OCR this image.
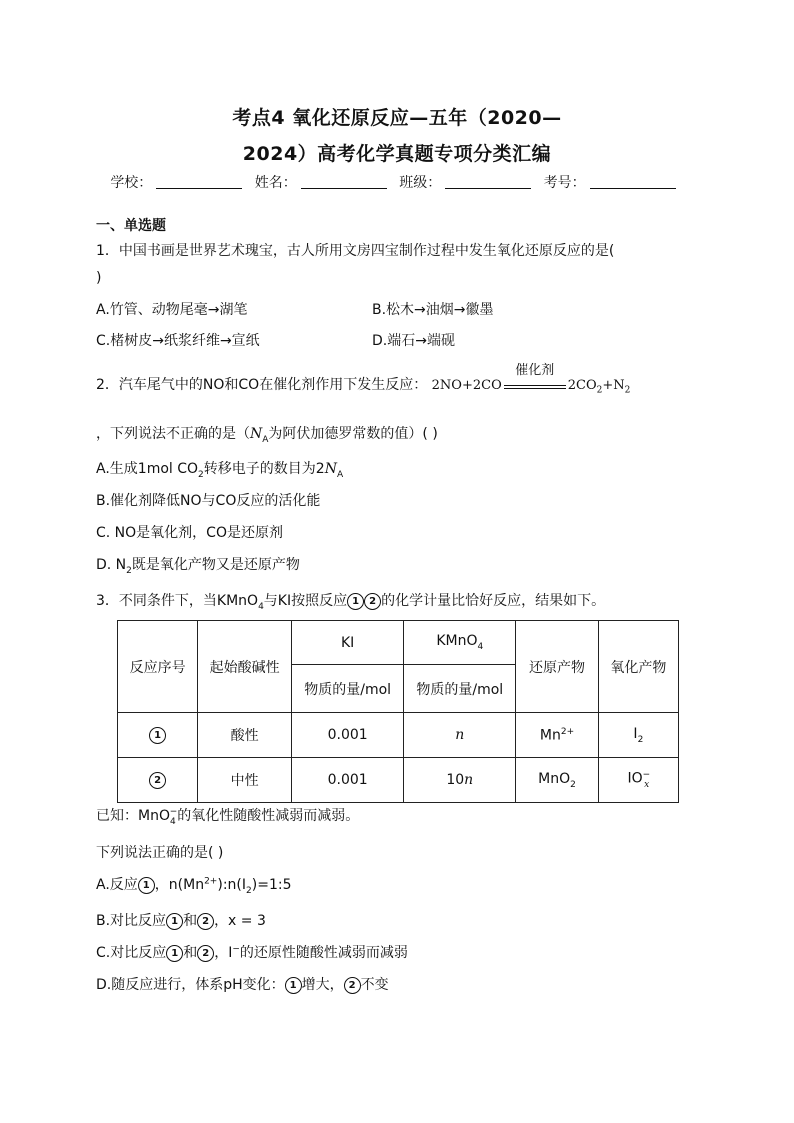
考点4 氧化还原反应—五年（2020—
2024）高考化学真题专项分类汇编
学校：	姓名：	班级：	考号：
一、单选题
1．中国书画是世界艺术瑰宝，古人所用文房四宝制作过程中发生氧化还原反应的是(
)
A.竹管、动物尾毫→湖笔	B.松木→油烟→徽墨
C.楮树皮→纸浆纤维→宣纸	D.端石→端砚
2．汽车尾气中的NO和CO在催化剂作用下发生反应： 2NO+2CO
催化剂
$2CO_2+N_2$
，下列说法不正确的是（$N_A$为阿伏加德罗常数的值）( )
A.生成1mol $CO_2$转移电子的数目为$2N_A$
B.催化剂降低NO与CO反应的活化能
C. NO是氧化剂，CO是还原剂
D. $N_2$既是氧化产物又是还原产物
3．不同条件下，当KMnO$_4$与KI按照反应 1 2 的化学计量比恰好反应，结果如下。
反应序号	起始酸碱性	KI	KMnO$_4$	还原产物	氧化产物
		物质的量/mol	物质的量/mol		
1	酸性	0.001	n	$Mn^{2+}$	$I_2$
2	中性	0.001	10n	MnO$_2$	$IO^-_x$
已知：MnO$_4$−的氧化性随酸性减弱而减弱。
下列说法正确的是( )
A.反应 1 ，$n(Mn^{2+}):n(I_2)=1:5$
B.对比反应 1 和 2 ，x = 3
C.对比反应 1 和 2 ，I−的还原性随酸性减弱而减弱
D.随反应进行，体系pH变化： 1 增大， 2 不变
